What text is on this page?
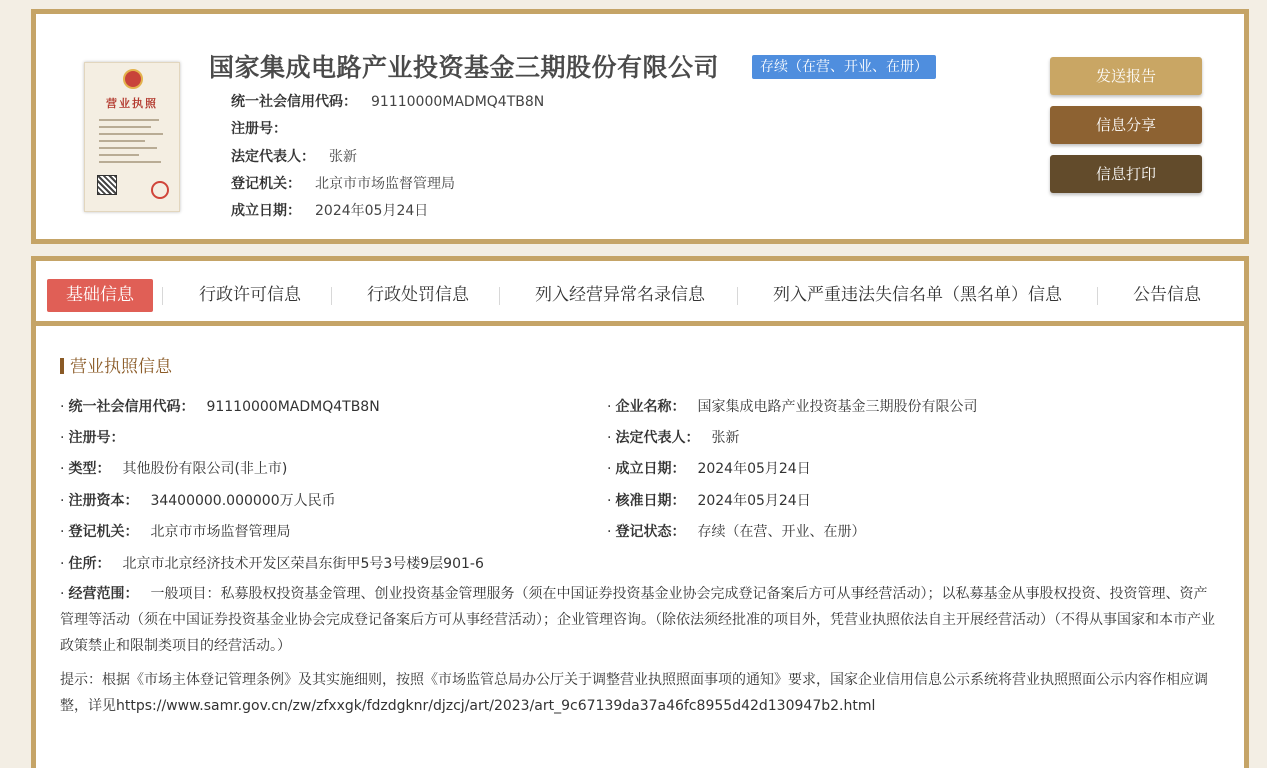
营业执照
国家集成电路产业投资基金三期股份有限公司	存续（在营、开业、在册）
统一社会信用代码： 91110000MADMQ4TB8N
注册号：
法定代表人： 张新
登记机关： 北京市市场监督管理局
成立日期： 2024年05月24日
发送报告
信息分享
信息打印
基础信息	行政许可信息	行政处罚信息	列入经营异常名录信息	列入严重违法失信名单（黑名单）信息	公告信息
营业执照信息
· 统一社会信用代码： 91110000MADMQ4TB8N
· 注册号：
· 类型： 其他股份有限公司(非上市)
· 注册资本： 34400000.000000万人民币
· 登记机关： 北京市市场监督管理局
· 住所： 北京市北京经济技术开发区荣昌东街甲5号3号楼9层901-6
· 企业名称： 国家集成电路产业投资基金三期股份有限公司
· 法定代表人： 张新
· 成立日期： 2024年05月24日
· 核准日期： 2024年05月24日
· 登记状态： 存续（在营、开业、在册）
· 经营范围： 一般项目：私募股权投资基金管理、创业投资基金管理服务（须在中国证券投资基金业协会完成登记备案后方可从事经营活动）；以私募基金从事股权投资、投资管理、资产管理等活动（须在中国证券投资基金业协会完成登记备案后方可从事经营活动）；企业管理咨询。（除依法须经批准的项目外，凭营业执照依法自主开展经营活动）（不得从事国家和本市产业政策禁止和限制类项目的经营活动。）
提示：根据《市场主体登记管理条例》及其实施细则，按照《市场监管总局办公厅关于调整营业执照照面事项的通知》要求，国家企业信用信息公示系统将营业执照照面公示内容作相应调整，详见https://www.samr.gov.cn/zw/zfxxgk/fdzdgknr/djzcj/art/2023/art_9c67139da37a46fc8955d42d130947b2.html
